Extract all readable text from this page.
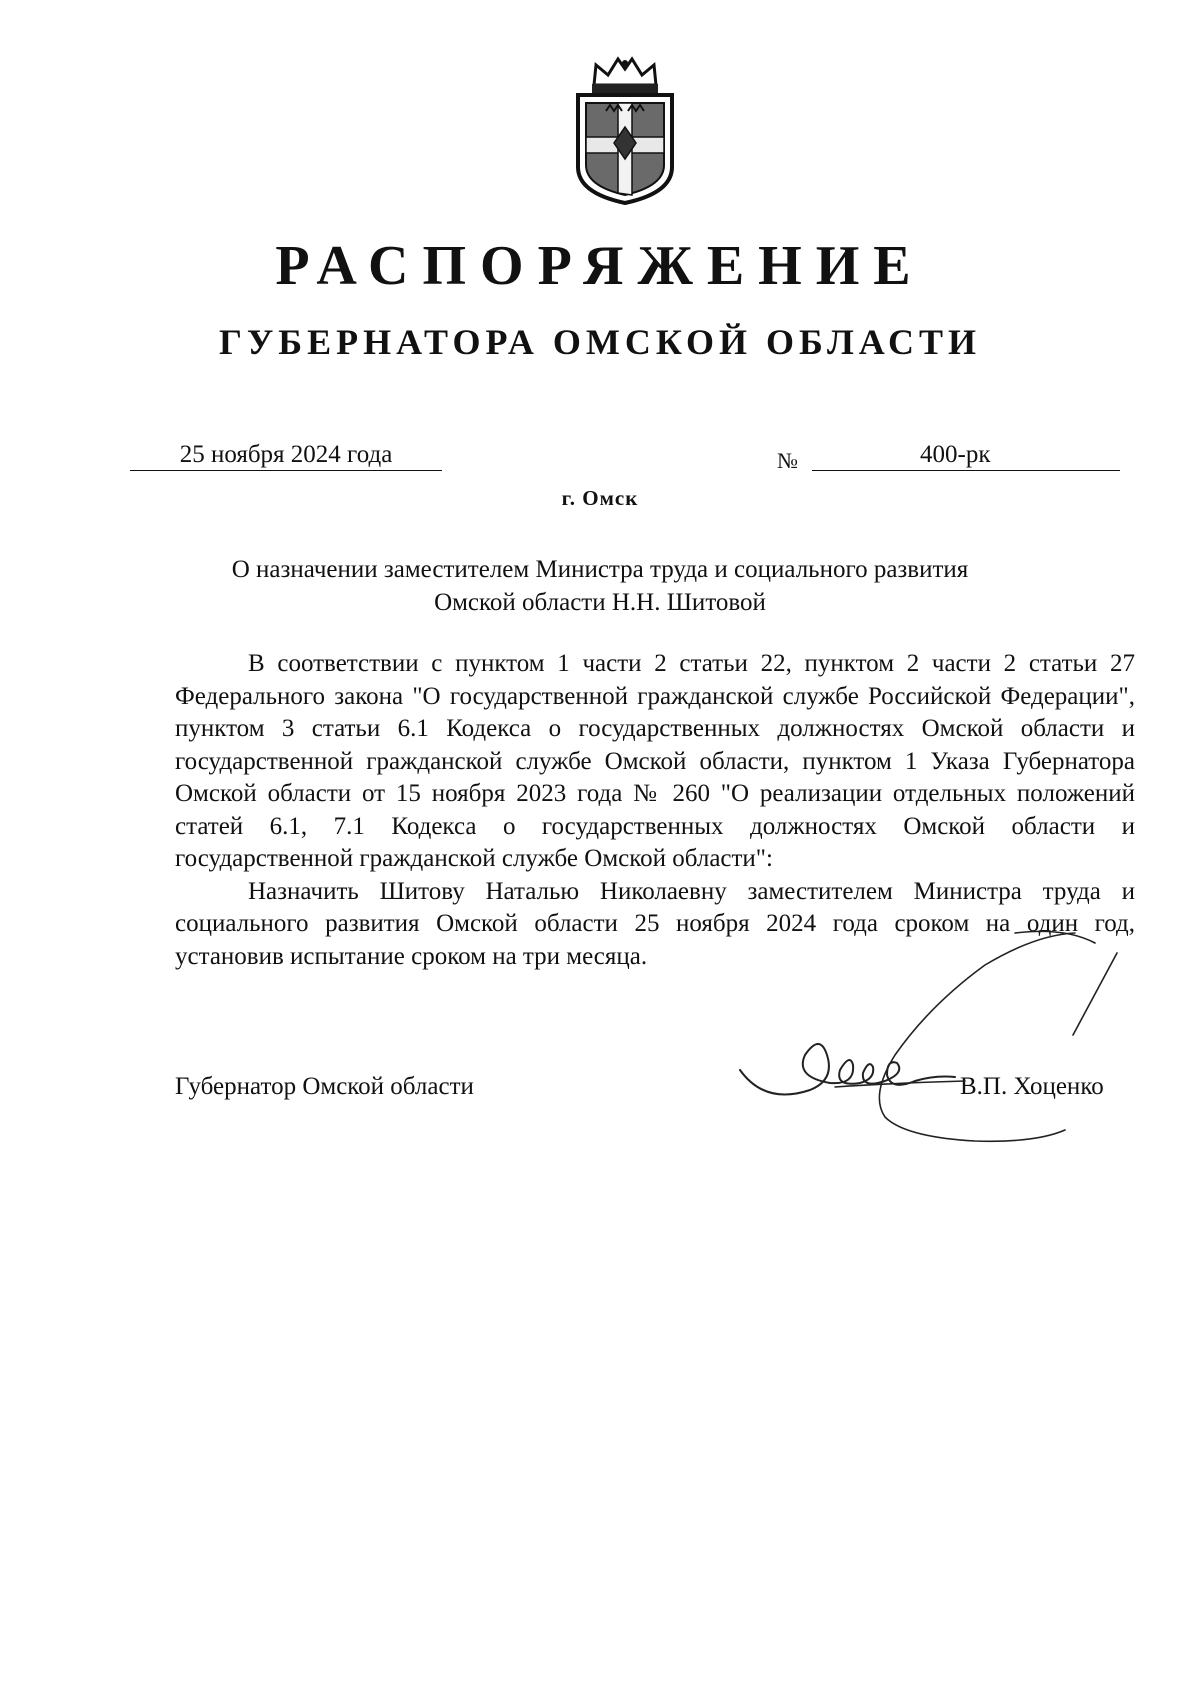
РАСПОРЯЖЕНИЕ
ГУБЕРНАТОРА ОМСКОЙ ОБЛАСТИ
25 ноября 2024 года	№	400-рк
г. Омск
О назначении заместителем Министра труда и социального развития
Омской области Н.Н. Шитовой

В соответствии с пунктом 1 части 2 статьи 22, пунктом 2 части 2 статьи 27 Федерального закона "О государственной гражданской службе Российской Федерации", пунктом 3 статьи 6.1 Кодекса о государственных должностях Омской области и государственной гражданской службе Омской области, пунктом 1 Указа Губернатора Омской области от 15 ноября 2023 года № 260 "О реализации отдельных положений статей 6.1, 7.1 Кодекса о государственных должностях Омской области и государственной гражданской службе Омской области":

Назначить Шитову Наталью Николаевну заместителем Министра труда и социального развития Омской области 25 ноября 2024 года сроком на один год, установив испытание сроком на три месяца.

Губернатор Омской области	В.П. Хоценко
